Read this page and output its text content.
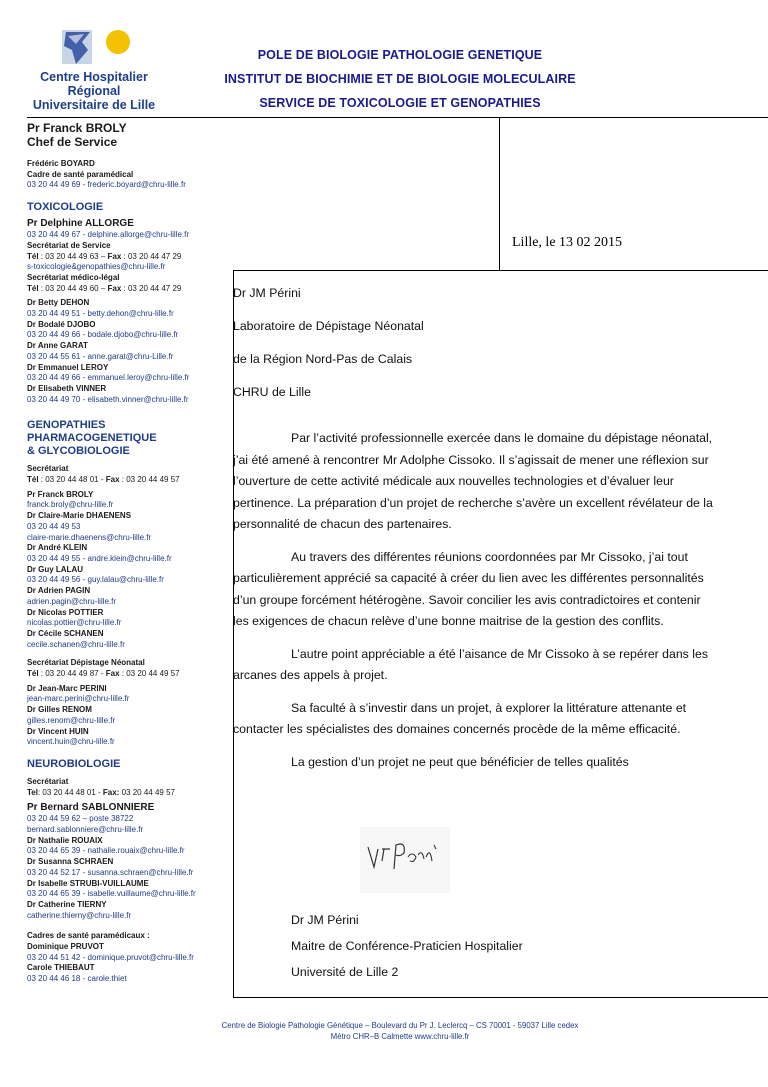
Centre Hospitalier Régional
Universitaire de Lille
POLE DE BIOLOGIE PATHOLOGIE GENETIQUE
INSTITUT DE BIOCHIMIE ET DE BIOLOGIE MOLECULAIRE
SERVICE DE TOXICOLOGIE ET GENOPATHIES
Pr Franck BROLY
Chef de Service
Frédéric BOYARD
Cadre de santé paramédical
03 20 44 49 69 - frederic.boyard@chru-lille.fr
TOXICOLOGIE
Pr Delphine ALLORGE
03 20 44 49 67 - delphine.allorge@chru-lille.fr
Secrétariat de Service
Tél : 03 20 44 49 63 – Fax : 03 20 44 47 29
s-toxicologie&genopathies@chru-lille.fr
Secrétariat médico-légal
Tél : 03 20 44 49 60 – Fax : 03 20 44 47 29
Dr Betty DEHON
03 20 44 49 51 - betty.dehon@chru-lille.fr
Dr Bodalé DJOBO
03 20 44 49 66 - bodale.djobo@chru-lille.fr
Dr Anne GARAT
03 20 44 55 61 - anne.garat@chru-Lille.fr
Dr Emmanuel LEROY
03 20 44 49 66 - emmanuel.leroy@chru-lille.fr
Dr Elisabeth VINNER
03 20 44 49 70 - elisabeth.vinner@chru-lille.fr
GENOPATHIES
PHARMACOGENETIQUE
& GLYCOBIOLOGIE
Secrétariat
Tél : 03 20 44 48 01 - Fax : 03 20 44 49 57
Pr Franck BROLY
franck.broly@chru-lille.fr
Dr Claire-Marie DHAENENS
03 20 44 49 53
claire-marie.dhaenens@chru-lille.fr
Dr André KLEIN
03 20 44 49 55 - andre.klein@chru-lille.fr
Dr Guy LALAU
03 20 44 49 56 - guy.lalau@chru-lille.fr
Dr Adrien PAGIN
adrien.pagin@chru-lille.fr
Dr Nicolas POTTIER
nicolas.pottier@chru-lille.fr
Dr Cécile SCHANEN
cecile.schanen@chru-lille.fr
Secrétariat Dépistage Néonatal
Tél : 03 20 44 49 87 - Fax : 03 20 44 49 57
Dr Jean-Marc PERINI
jean-marc.perini@chru-lille.fr
Dr Gilles RENOM
gilles.renom@chru-lille.fr
Dr Vincent HUIN
vincent.huin@chru-lille.fr
NEUROBIOLOGIE
Secrétariat
Tel: 03 20 44 48 01 - Fax: 03 20 44 49 57
Pr Bernard SABLONNIERE
03 20 44 59 62 – poste 38722
bernard.sablonniere@chru-lille.fr
Dr Nathalie ROUAIX
03 20 44 65 39 - nathalie.rouaix@chru-lille.fr
Dr Susanna SCHRAEN
03 20 44 52 17 - susanna.schraen@chru-lille.fr
Dr Isabelle STRUBI-VUILLAUME
03 20 44 65 39 - isabelle.vuillaume@chru-lille.fr
Dr Catherine TIERNY
catherine.thierny@chru-lille.fr
Cadres de santé paramédicaux :
Dominique PRUVOT
03 20 44 51 42 - dominique.pruvot@chru-lille.fr
Carole THIEBAUT
03 20 44 46 18 - carole.thiet
Lille, le 13 02 2015
Dr JM Périni
Laboratoire de Dépistage Néonatal
de la Région Nord-Pas de Calais
CHRU de Lille

Par l’activité professionnelle exercée dans le domaine du dépistage néonatal, j’ai été amené à rencontrer Mr Adolphe Cissoko. Il s’agissait de mener une réflexion sur l’ouverture de cette activité médicale aux nouvelles technologies et d’évaluer leur pertinence. La préparation d’un projet de recherche s’avère un excellent révélateur de la personnalité de chacun des partenaires.

Au travers des différentes réunions coordonnées par Mr Cissoko, j’ai tout particulièrement apprécié sa capacité à créer du lien avec les différentes personnalités d’un groupe forcément hétérogène. Savoir concilier les avis contradictoires et contenir les exigences de chacun relève d’une bonne maitrise de la gestion des conflits.

L’autre point appréciable a été l’aisance de Mr Cissoko à se repérer dans les arcanes des appels à projet.

Sa faculté à s’investir dans un projet, à explorer la littérature attenante et contacter les spécialistes des domaines concernés procède de la même efficacité.

La gestion d’un projet ne peut que bénéficier de telles qualités

Dr JM Périni
Maitre de Conférence-Praticien Hospitalier
Université de Lille 2
Centre de Biologie Pathologie Génétique – Boulevard du Pr J. Leclercq – CS 70001 - 59037 Lille cedex
Métro CHR–B Calmette www.chru-lille.fr
